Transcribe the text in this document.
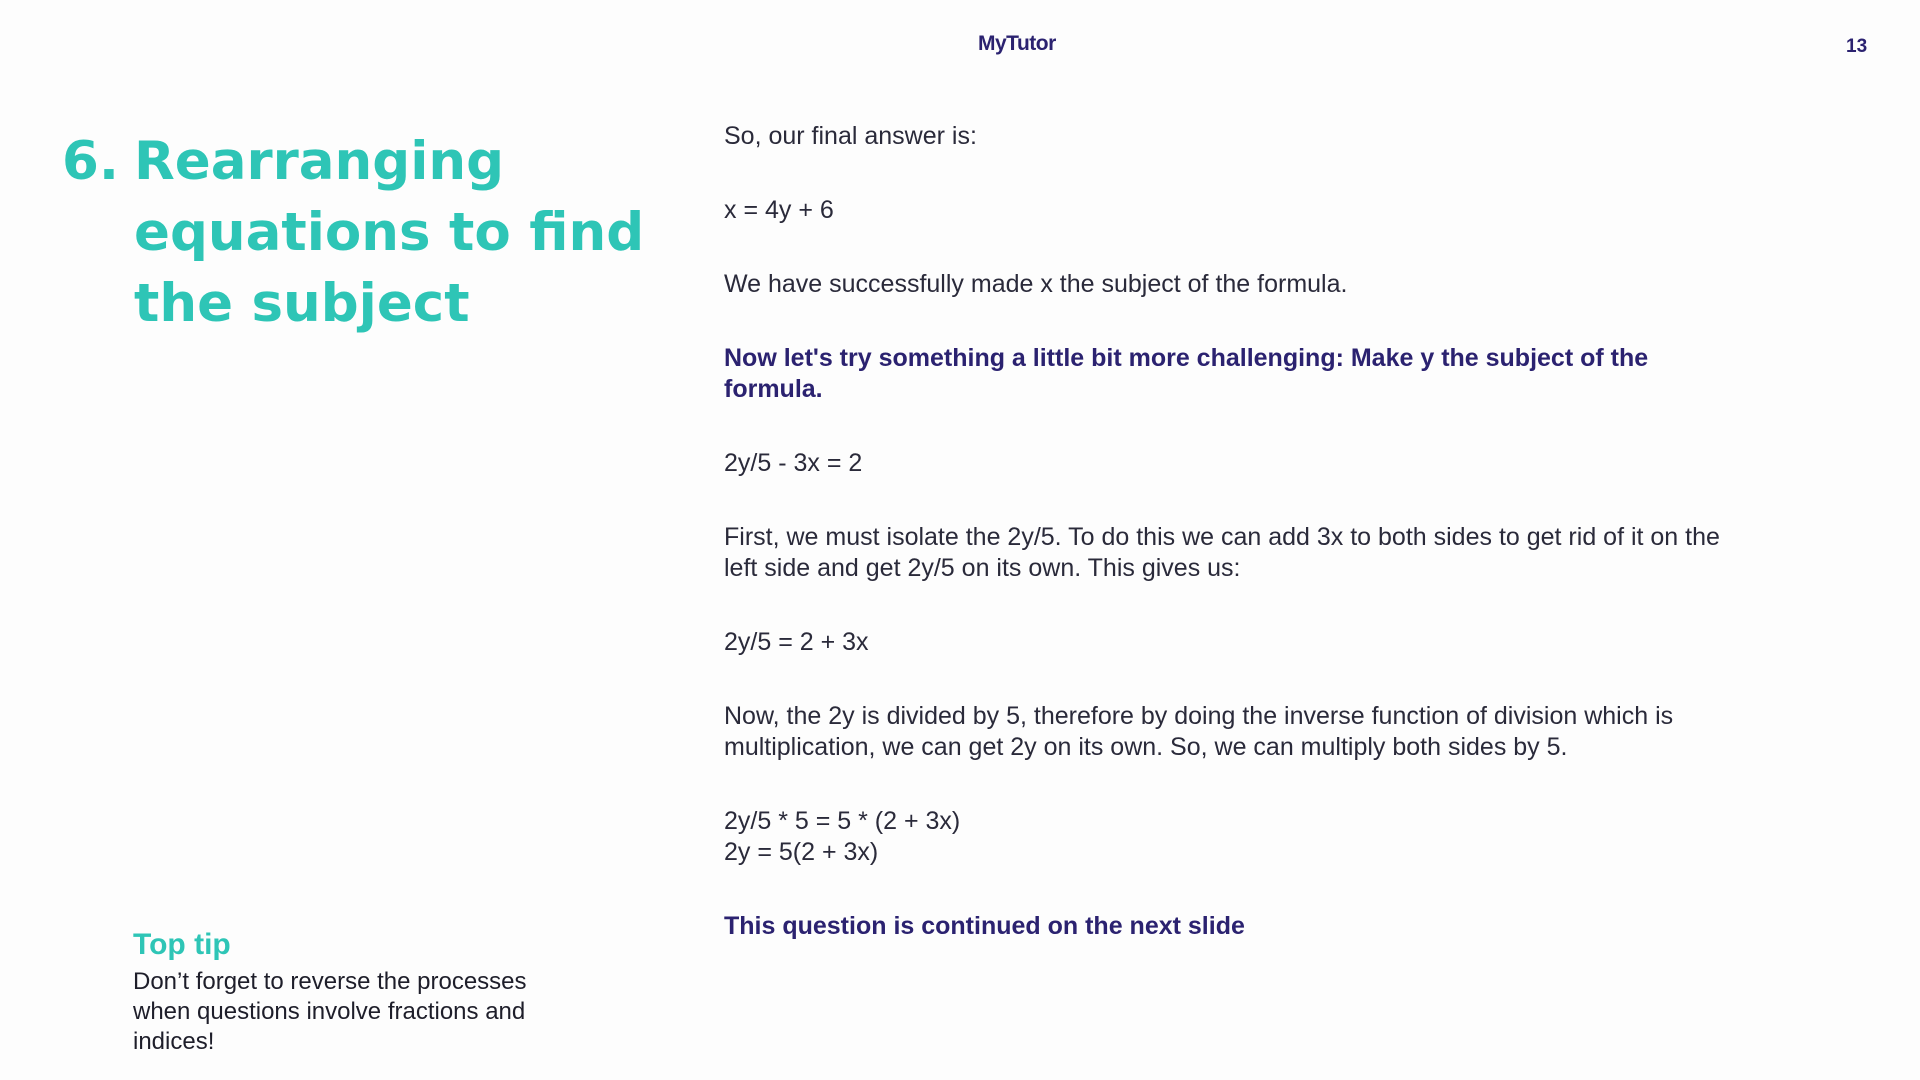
MyTutor	13
6. Rearranging equations to find the subject
Top tip
Don’t forget to reverse the processes when questions involve fractions and indices!

So, our final answer is:

x = 4y + 6

We have successfully made x the subject of the formula.

Now let's try something a little bit more challenging: Make y the subject of the formula.

2y/5 - 3x = 2

First, we must isolate the 2y/5. To do this we can add 3x to both sides to get rid of it on the left side and get 2y/5 on its own. This gives us:

2y/5 = 2 + 3x

Now, the 2y is divided by 5, therefore by doing the inverse function of division which is multiplication, we can get 2y on its own. So, we can multiply both sides by 5.

2y/5 * 5 = 5 * (2 + 3x)
2y = 5(2 + 3x)

This question is continued on the next slide
